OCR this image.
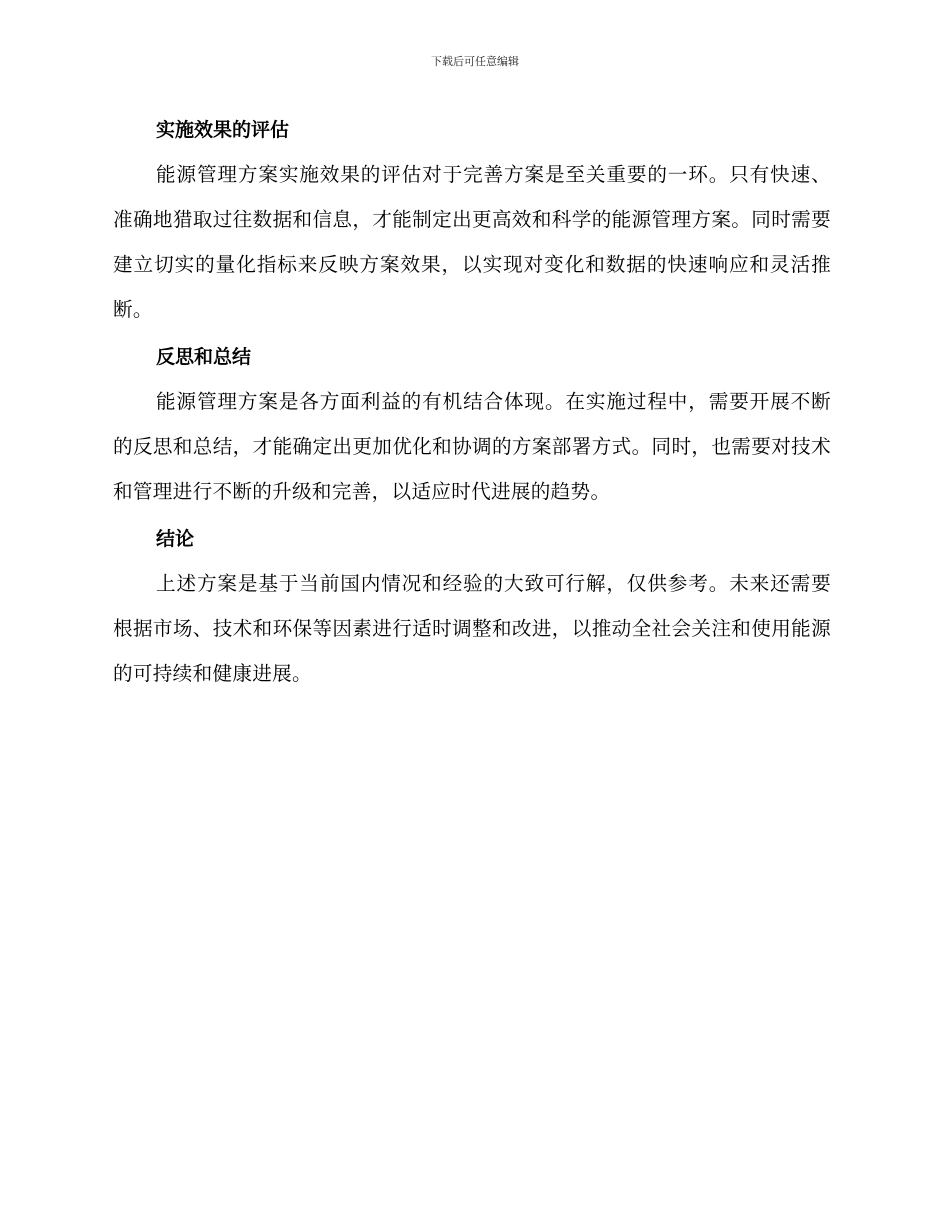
下载后可任意编辑
实施效果的评估

能源管理方案实施效果的评估对于完善方案是至关重要的一环。只有快速、准确地猎取过往数据和信息，才能制定出更高效和科学的能源管理方案。同时需要建立切实的量化指标来反映方案效果，以实现对变化和数据的快速响应和灵活推断。

反思和总结

能源管理方案是各方面利益的有机结合体现。在实施过程中，需要开展不断的反思和总结，才能确定出更加优化和协调的方案部署方式。同时，也需要对技术和管理进行不断的升级和完善，以适应时代进展的趋势。

结论

上述方案是基于当前国内情况和经验的大致可行解，仅供参考。未来还需要根据市场、技术和环保等因素进行适时调整和改进，以推动全社会关注和使用能源的可持续和健康进展。
